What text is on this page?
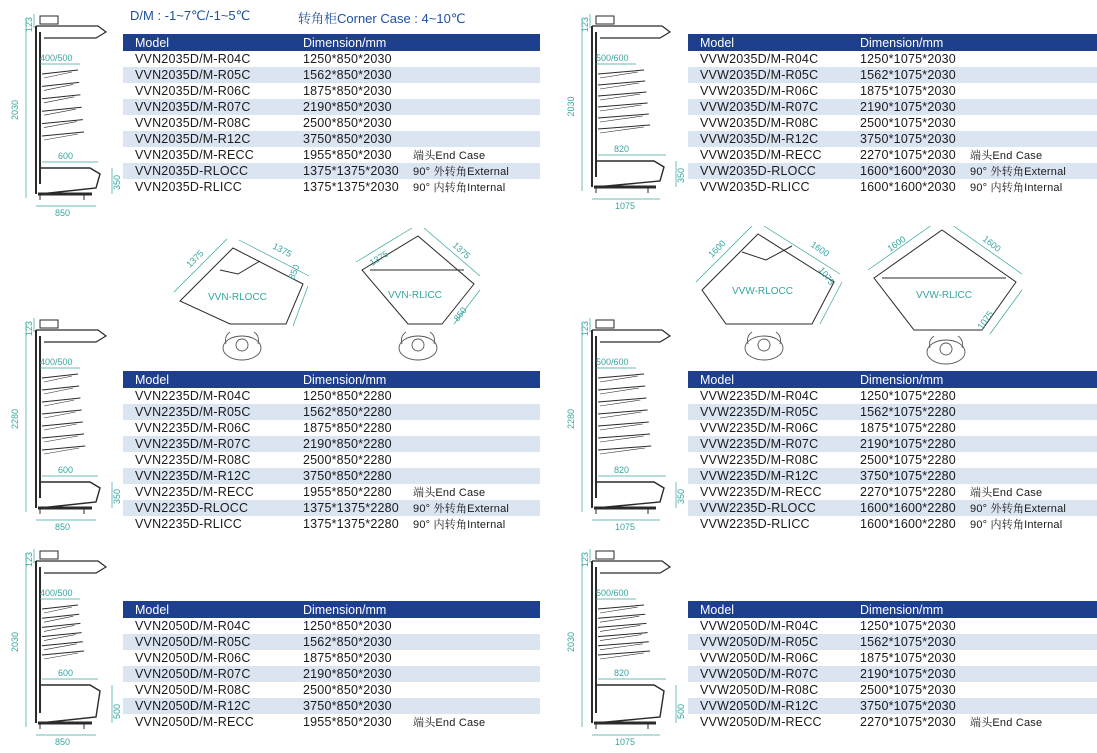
D/M : -1~7℃/-1~5℃	转角柜Corner Case : 4~10℃
Model	Dimension/mm
VVN2035D/M-R04C	1250*850*2030
VVN2035D/M-R05C	1562*850*2030
VVN2035D/M-R06C	1875*850*2030
VVN2035D/M-R07C	2190*850*2030
VVN2035D/M-R08C	2500*850*2030
VVN2035D/M-R12C	3750*850*2030
VVN2035D/M-RECC	1955*850*2030	端头End Case
VVN2035D-RLOCC	1375*1375*2030	90° 外转角External
VVN2035D-RLICC	1375*1375*2030	90° 内转角Internal
Model	Dimension/mm
VVW2035D/M-R04C	1250*1075*2030
VVW2035D/M-R05C	1562*1075*2030
VVW2035D/M-R06C	1875*1075*2030
VVW2035D/M-R07C	2190*1075*2030
VVW2035D/M-R08C	2500*1075*2030
VVW2035D/M-R12C	3750*1075*2030
VVW2035D/M-RECC	2270*1075*2030	端头End Case
VVW2035D-RLOCC	1600*1600*2030	90° 外转角External
VVW2035D-RLICC	1600*1600*2030	90° 内转角Internal
Model	Dimension/mm
VVN2235D/M-R04C	1250*850*2280
VVN2235D/M-R05C	1562*850*2280
VVN2235D/M-R06C	1875*850*2280
VVN2235D/M-R07C	2190*850*2280
VVN2235D/M-R08C	2500*850*2280
VVN2235D/M-R12C	3750*850*2280
VVN2235D/M-RECC	1955*850*2280	端头End Case
VVN2235D-RLOCC	1375*1375*2280	90° 外转角External
VVN2235D-RLICC	1375*1375*2280	90° 内转角Internal
Model	Dimension/mm
VVW2235D/M-R04C	1250*1075*2280
VVW2235D/M-R05C	1562*1075*2280
VVW2235D/M-R06C	1875*1075*2280
VVW2235D/M-R07C	2190*1075*2280
VVW2235D/M-R08C	2500*1075*2280
VVW2235D/M-R12C	3750*1075*2280
VVW2235D/M-RECC	2270*1075*2280	端头End Case
VVW2235D-RLOCC	1600*1600*2280	90° 外转角External
VVW2235D-RLICC	1600*1600*2280	90° 内转角Internal
Model	Dimension/mm
VVN2050D/M-R04C	1250*850*2030
VVN2050D/M-R05C	1562*850*2030
VVN2050D/M-R06C	1875*850*2030
VVN2050D/M-R07C	2190*850*2030
VVN2050D/M-R08C	2500*850*2030
VVN2050D/M-R12C	3750*850*2030
VVN2050D/M-RECC	1955*850*2030	端头End Case
Model	Dimension/mm
VVW2050D/M-R04C	1250*1075*2030
VVW2050D/M-R05C	1562*1075*2030
VVW2050D/M-R06C	1875*1075*2030
VVW2050D/M-R07C	2190*1075*2030
VVW2050D/M-R08C	2500*1075*2030
VVW2050D/M-R12C	3750*1075*2030
VVW2050D/M-RECC	2270*1075*2030	端头End Case
2030
123
400/500
600
350
850
2030
123
500/600
820
350
1075
2280
123
400/500
600
350
850
2280
123
500/600
820
350
1075
2030
123
400/500
600
500
850
2030
123
500/600
820
500
1075
1375	1375
850
VVN-RLOCC
1375	1375
850
VVN-RLICC
1600	1600
1075
VVW-RLOCC
1600	1600
1075
VVW-RLICC
